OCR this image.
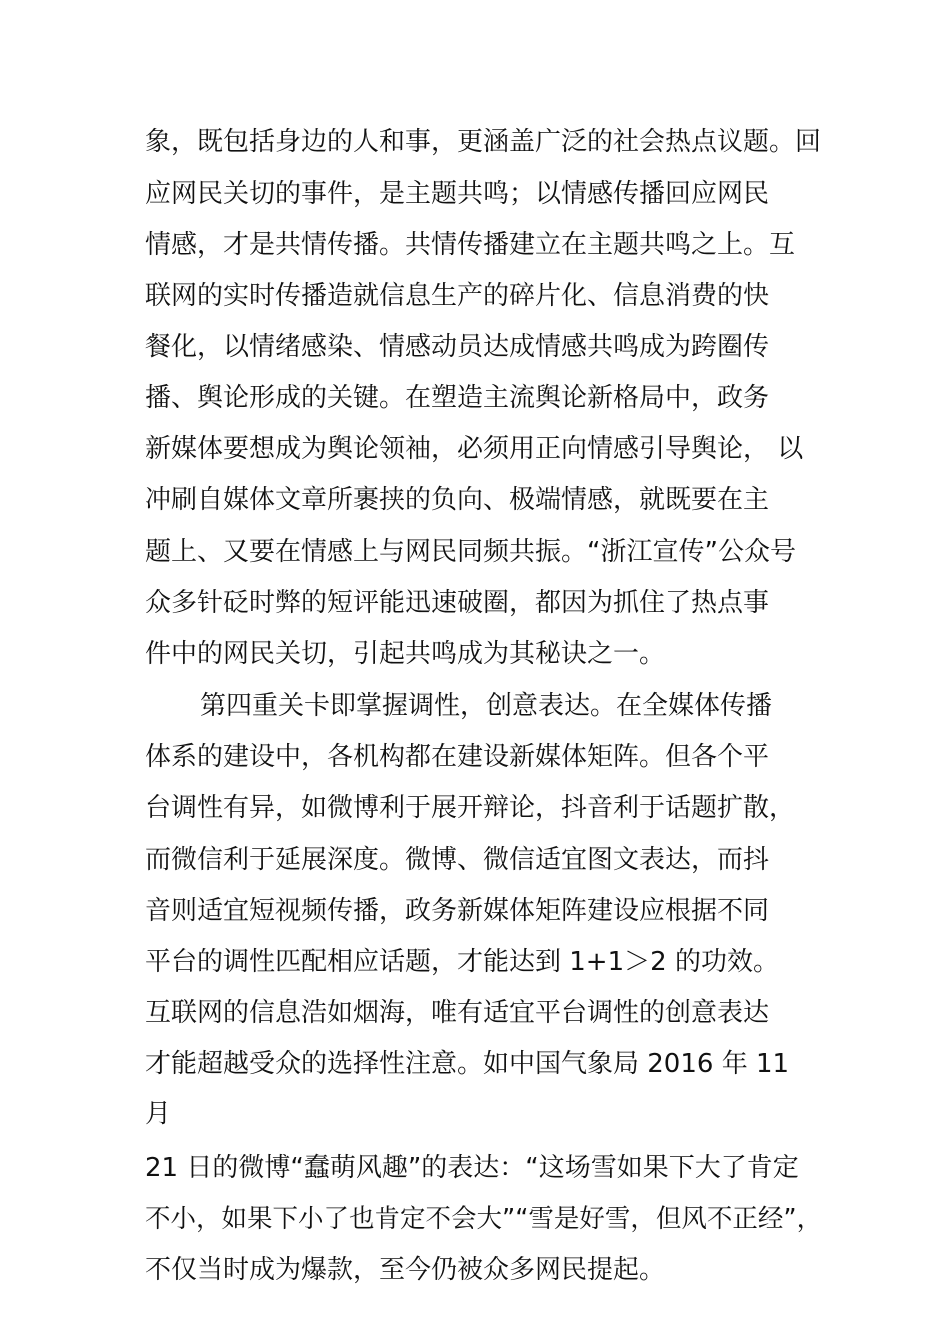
象，既包括身边的人和事，更涵盖广泛的社会热点议题。回
应网民关切的事件，是主题共鸣；以情感传播回应网民
情感，才是共情传播。共情传播建立在主题共鸣之上。互
联网的实时传播造就信息生产的碎片化、信息消费的快
餐化，以情绪感染、情感动员达成情感共鸣成为跨圈传
播、舆论形成的关键。在塑造主流舆论新格局中，政务
新媒体要想成为舆论领袖，必须用正向情感引导舆论， 以
冲刷自媒体文章所裹挟的负向、极端情感，就既要在主
题上、又要在情感上与网民同频共振。“浙江宣传”公众号
众多针砭时弊的短评能迅速破圈，都因为抓住了热点事
件中的网民关切，引起共鸣成为其秘诀之一。
第四重关卡即掌握调性，创意表达。在全媒体传播
体系的建设中，各机构都在建设新媒体矩阵。但各个平
台调性有异，如微博利于展开辩论，抖音利于话题扩散，
而微信利于延展深度。微博、微信适宜图文表达，而抖
音则适宜短视频传播，政务新媒体矩阵建设应根据不同
平台的调性匹配相应话题，才能达到 1+1＞2 的功效。
互联网的信息浩如烟海，唯有适宜平台调性的创意表达
才能超越受众的选择性注意。如中国气象局 2016 年 11
月
21 日的微博“蠢萌风趣”的表达：“这场雪如果下大了肯定
不小，如果下小了也肯定不会大”“雪是好雪，但风不正经”，
不仅当时成为爆款，至今仍被众多网民提起。
